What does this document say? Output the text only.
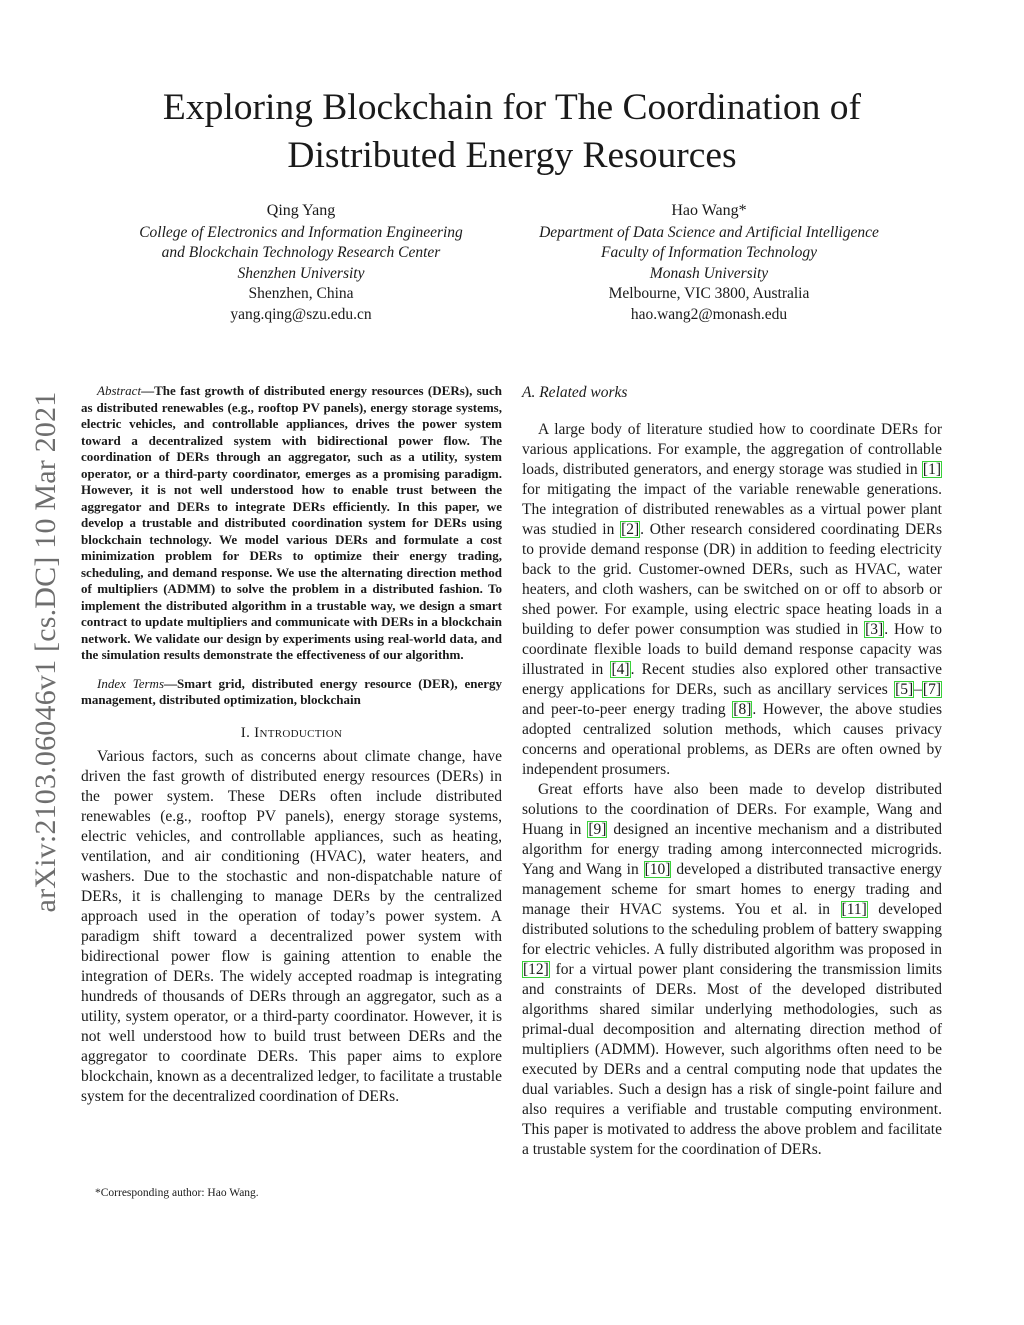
arXiv:2103.06046v1 [cs.DC] 10 Mar 2021
Exploring Blockchain for The Coordination of Distributed Energy Resources
Qing Yang
College of Electronics and Information Engineering
and Blockchain Technology Research Center
Shenzhen University
Shenzhen, China
yang.qing@szu.edu.cn
Hao Wang*
Department of Data Science and Artificial Intelligence
Faculty of Information Technology
Monash University
Melbourne, VIC 3800, Australia
hao.wang2@monash.edu

Abstract—The fast growth of distributed energy resources (DERs), such as distributed renewables (e.g., rooftop PV panels), energy storage systems, electric vehicles, and controllable appliances, drives the power system toward a decentralized system with bidirectional power flow. The coordination of DERs through an aggregator, such as a utility, system operator, or a third-party coordinator, emerges as a promising paradigm. However, it is not well understood how to enable trust between the aggregator and DERs to integrate DERs efficiently. In this paper, we develop a trustable and distributed coordination system for DERs using blockchain technology. We model various DERs and formulate a cost minimization problem for DERs to optimize their energy trading, scheduling, and demand response. We use the alternating direction method of multipliers (ADMM) to solve the problem in a distributed fashion. To implement the distributed algorithm in a trustable way, we design a smart contract to update multipliers and communicate with DERs in a blockchain network. We validate our design by experiments using real-world data, and the simulation results demonstrate the effectiveness of our algorithm.

Index Terms—Smart grid, distributed energy resource (DER), energy management, distributed optimization, blockchain

I. Introduction

Various factors, such as concerns about climate change, have driven the fast growth of distributed energy resources (DERs) in the power system. These DERs often include distributed renewables (e.g., rooftop PV panels), energy storage systems, electric vehicles, and controllable appliances, such as heating, ventilation, and air conditioning (HVAC), water heaters, and washers. Due to the stochastic and non-dispatchable nature of DERs, it is challenging to manage DERs by the centralized approach used in the operation of today’s power system. A paradigm shift toward a decentralized power system with bidirectional power flow is gaining attention to enable the integration of DERs. The widely accepted roadmap is integrating hundreds of thousands of DERs through an aggregator, such as a utility, system operator, or a third-party coordinator. However, it is not well understood how to build trust between DERs and the aggregator to coordinate DERs. This paper aims to explore blockchain, known as a decentralized ledger, to facilitate a trustable system for the decentralized coordination of DERs.

*Corresponding author: Hao Wang.
A. Related works

A large body of literature studied how to coordinate DERs for various applications. For example, the aggregation of controllable loads, distributed generators, and energy storage was studied in [1] for mitigating the impact of the variable renewable generations. The integration of distributed renewables as a virtual power plant was studied in [2]. Other research considered coordinating DERs to provide demand response (DR) in addition to feeding electricity back to the grid. Customer-owned DERs, such as HVAC, water heaters, and cloth washers, can be switched on or off to absorb or shed power. For example, using electric space heating loads in a building to defer power consumption was studied in [3]. How to coordinate flexible loads to build demand response capacity was illustrated in [4]. Recent studies also explored other transactive energy applications for DERs, such as ancillary services [5]–[7] and peer-to-peer energy trading [8]. However, the above studies adopted centralized solution methods, which causes privacy concerns and operational problems, as DERs are often owned by independent prosumers.

Great efforts have also been made to develop distributed solutions to the coordination of DERs. For example, Wang and Huang in [9] designed an incentive mechanism and a distributed algorithm for energy trading among interconnected microgrids. Yang and Wang in [10] developed a distributed transactive energy management scheme for smart homes to energy trading and manage their HVAC systems. You et al. in [11] developed distributed solutions to the scheduling problem of battery swapping for electric vehicles. A fully distributed algorithm was proposed in [12] for a virtual power plant considering the transmission limits and constraints of DERs. Most of the developed distributed algorithms shared similar underlying methodologies, such as primal-dual decomposition and alternating direction method of multipliers (ADMM). However, such algorithms often need to be executed by DERs and a central computing node that updates the dual variables. Such a design has a risk of single-point failure and also requires a verifiable and trustable computing environment. This paper is motivated to address the above problem and facilitate a trustable system for the coordination of DERs.
